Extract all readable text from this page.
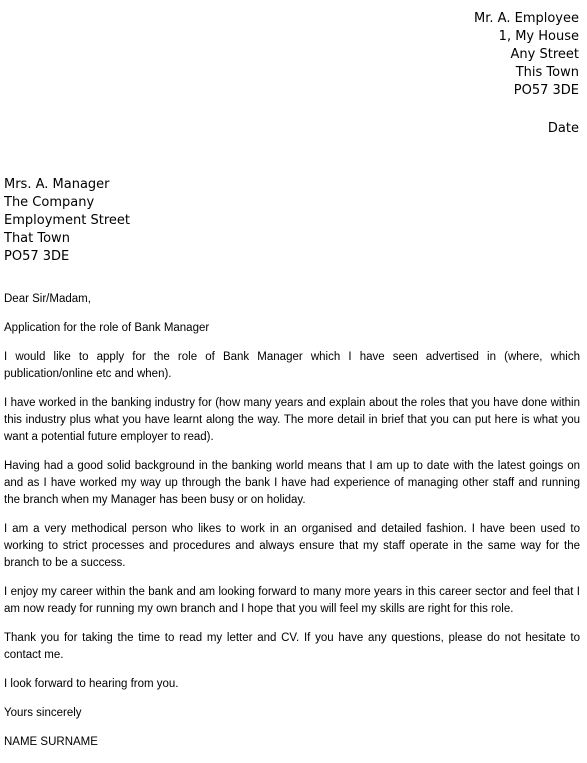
Mr. A. Employee
1, My House
Any Street
This Town
PO57 3DE
Date
Mrs. A. Manager
The Company
Employment Street
That Town
PO57 3DE

Dear Sir/Madam,

Application for the role of Bank Manager

I would like to apply for the role of Bank Manager which I have seen advertised in (where, which publication/online etc and when).

I have worked in the banking industry for (how many years and explain about the roles that you have done within this industry plus what you have learnt along the way. The more detail in brief that you can put here is what you want a potential future employer to read).

Having had a good solid background in the banking world means that I am up to date with the latest goings on and as I have worked my way up through the bank I have had experience of managing other staff and running the branch when my Manager has been busy or on holiday.

I am a very methodical person who likes to work in an organised and detailed fashion. I have been used to working to strict processes and procedures and always ensure that my staff operate in the same way for the branch to be a success.

I enjoy my career within the bank and am looking forward to many more years in this career sector and feel that I am now ready for running my own branch and I hope that you will feel my skills are right for this role.

Thank you for taking the time to read my letter and CV. If you have any questions, please do not hesitate to contact me.

I look forward to hearing from you.

Yours sincerely

NAME SURNAME
